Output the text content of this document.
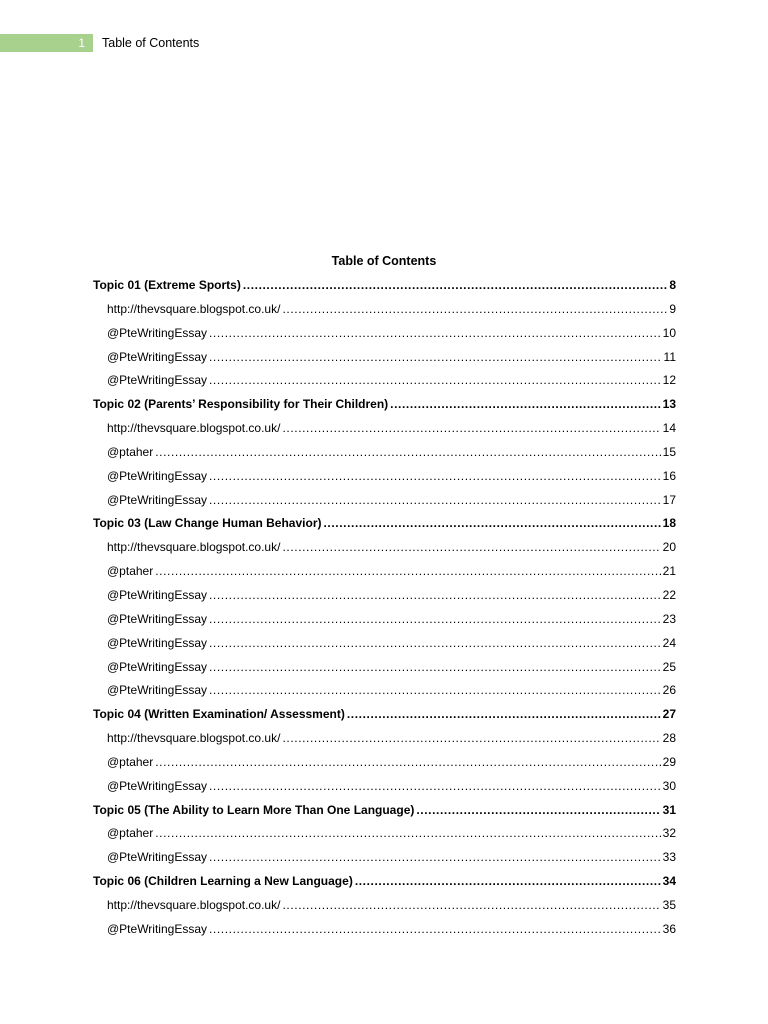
1 Table of Contents
Table of Contents
Topic 01 (Extreme Sports) .....	8
http://thevsquare.blogspot.co.uk/ .....	9
@PteWritingEssay .....	10
@PteWritingEssay .....	11
@PteWritingEssay .....	12
Topic 02 (Parents’ Responsibility for Their Children) .....	13
http://thevsquare.blogspot.co.uk/ .....	14
@ptaher .....	15
@PteWritingEssay .....	16
@PteWritingEssay .....	17
Topic 03 (Law Change Human Behavior) .....	18
http://thevsquare.blogspot.co.uk/ .....	20
@ptaher .....	21
@PteWritingEssay .....	22
@PteWritingEssay .....	23
@PteWritingEssay .....	24
@PteWritingEssay .....	25
@PteWritingEssay .....	26
Topic 04 (Written Examination/ Assessment) .....	27
http://thevsquare.blogspot.co.uk/ .....	28
@ptaher .....	29
@PteWritingEssay .....	30
Topic 05 (The Ability to Learn More Than One Language) .....	31
@ptaher .....	32
@PteWritingEssay .....	33
Topic 06 (Children Learning a New Language) .....	34
http://thevsquare.blogspot.co.uk/ .....	35
@PteWritingEssay .....	36
